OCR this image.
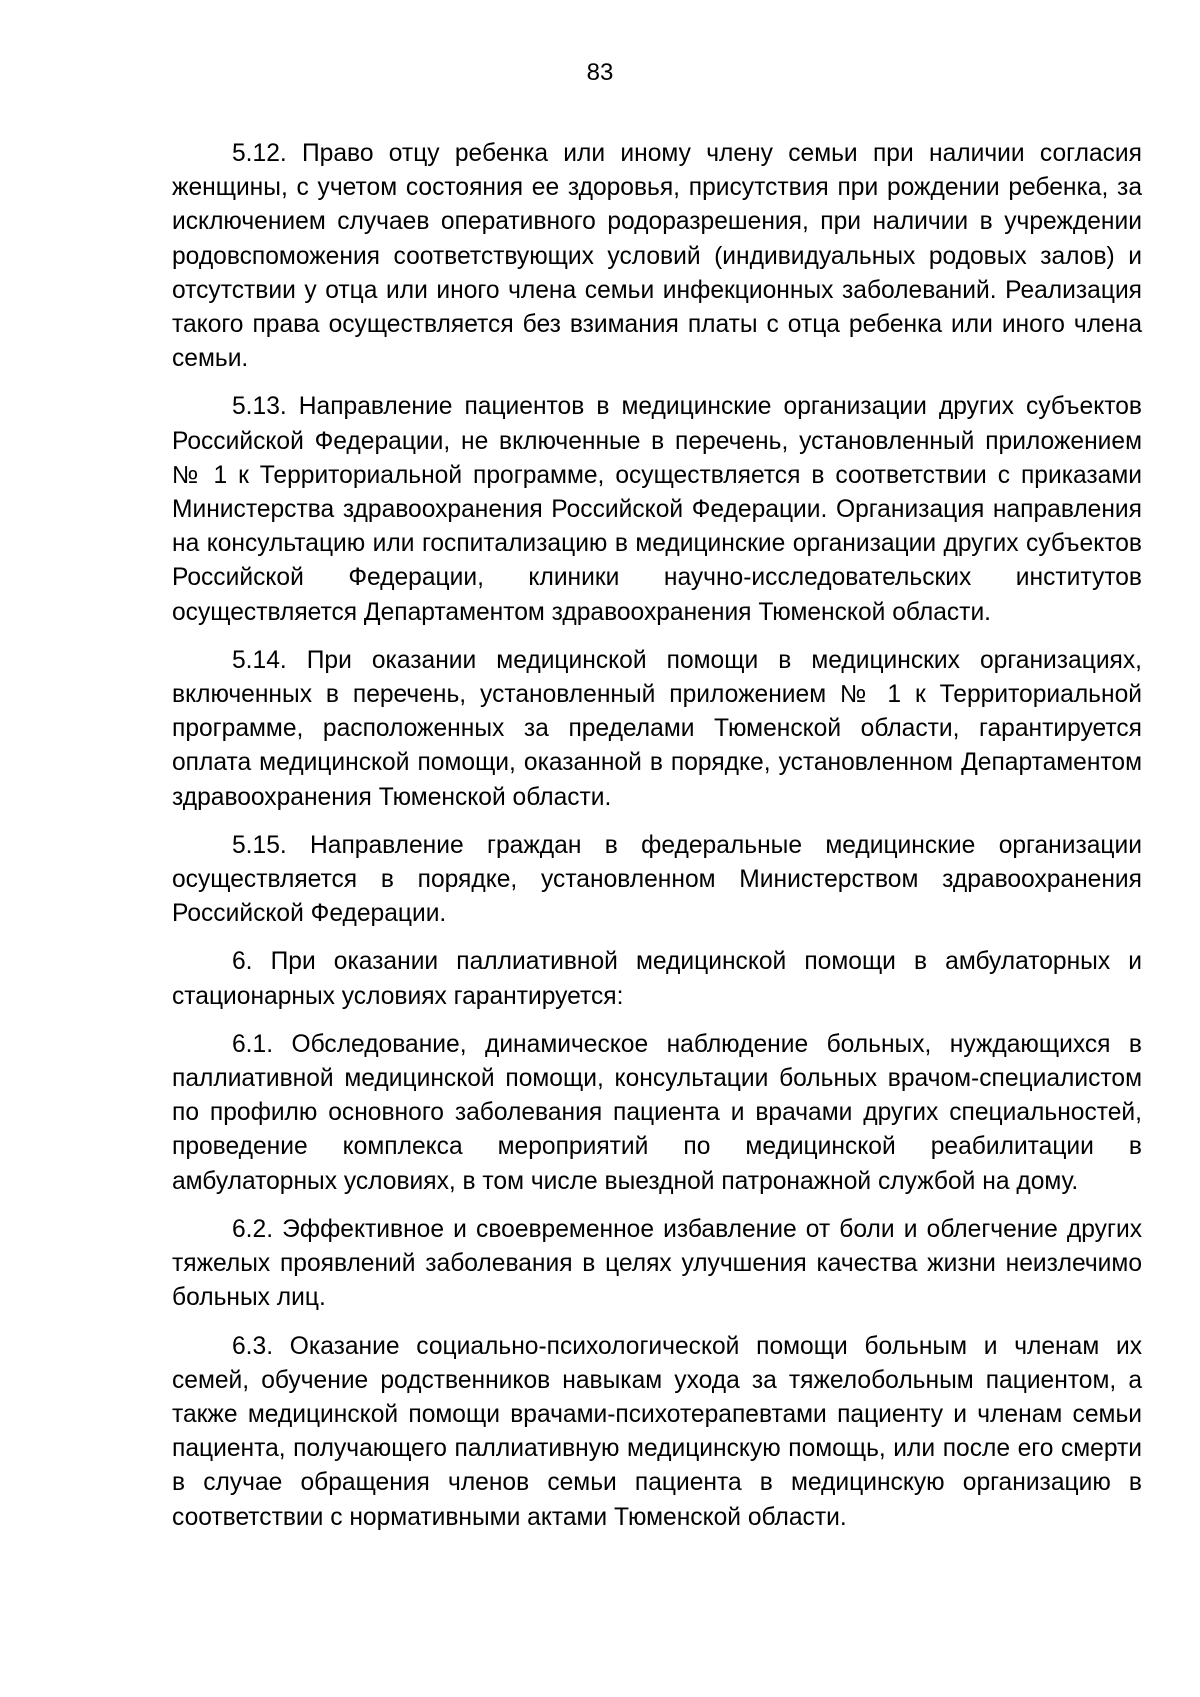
83

5.12. Право отцу ребенка или иному члену семьи при наличии согласия женщины, с учетом состояния ее здоровья, присутствия при рождении ребенка, за исключением случаев оперативного родоразрешения, при наличии в учреждении родовспоможения соответствующих условий (индивидуальных родовых залов) и отсутствии у отца или иного члена семьи инфекционных заболеваний. Реализация такого права осуществляется без взимания платы с отца ребенка или иного члена семьи.

5.13. Направление пациентов в медицинские организации других субъектов Российской Федерации, не включенные в перечень, установленный приложением № 1 к Территориальной программе, осуществляется в соответствии с приказами Министерства здравоохранения Российской Федерации. Организация направления на консультацию или госпитализацию в медицинские организации других субъектов Российской Федерации, клиники научно-исследовательских институтов осуществляется Департаментом здравоохранения Тюменской области.

5.14. При оказании медицинской помощи в медицинских организациях, включенных в перечень, установленный приложением № 1 к Территориальной программе, расположенных за пределами Тюменской области, гарантируется оплата медицинской помощи, оказанной в порядке, установленном Департаментом здравоохранения Тюменской области.

5.15. Направление граждан в федеральные медицинские организации осуществляется в порядке, установленном Министерством здравоохранения Российской Федерации.

6. При оказании паллиативной медицинской помощи в амбулаторных и стационарных условиях гарантируется:

6.1. Обследование, динамическое наблюдение больных, нуждающихся в паллиативной медицинской помощи, консультации больных врачом-специалистом по профилю основного заболевания пациента и врачами других специальностей, проведение комплекса мероприятий по медицинской реабилитации в амбулаторных условиях, в том числе выездной патронажной службой на дому.

6.2. Эффективное и своевременное избавление от боли и облегчение других тяжелых проявлений заболевания в целях улучшения качества жизни неизлечимо больных лиц.

6.3. Оказание социально-психологической помощи больным и членам их семей, обучение родственников навыкам ухода за тяжелобольным пациентом, а также медицинской помощи врачами-психотерапевтами пациенту и членам семьи пациента, получающего паллиативную медицинскую помощь, или после его смерти в случае обращения членов семьи пациента в медицинскую организацию в соответствии с нормативными актами Тюменской области.
